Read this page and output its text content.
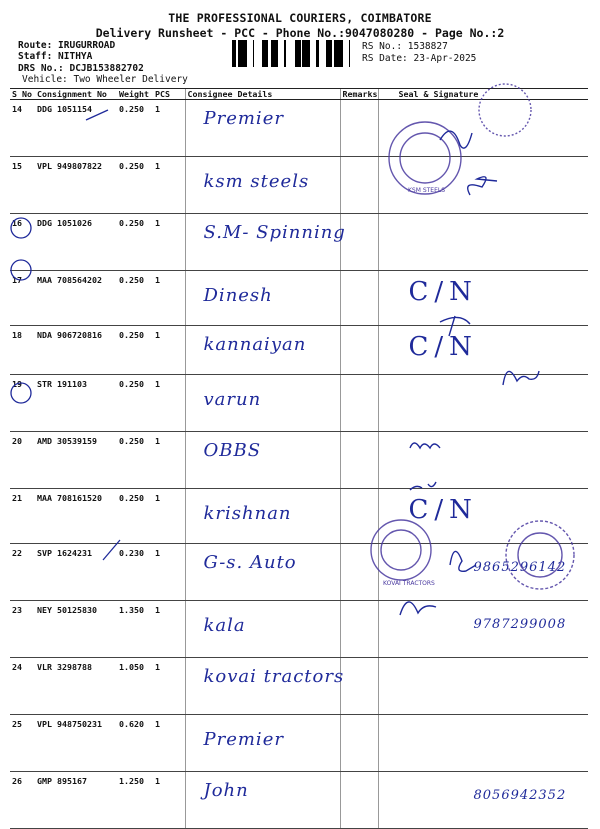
THE PROFESSIONAL COURIERS, COIMBATORE
Delivery Runsheet - PCC - Phone No.:9047080280 - Page No.:2
Route: IRUGURROAD
Staff: NITHYA
DRS No.: DCJB153882702
Vehicle: Two Wheeler Delivery
RS No.: 1538827
RS Date: 23-Apr-2025
S No	Consignment No	Weight	PCS	Consignee Details	Remarks	Seal & Signature
14	DDG 1051154	0.250	1	Premier		
15	VPL 949807822	0.250	1	ksm steels		
16	DDG 1051026	0.250	1	S.M- Spinning		
17	MAA 708564202	0.250	1	Dinesh		C/N
18	NDA 906720816	0.250	1	kannaiyan		C/N
19	STR 191103	0.250	1	varun		
20	AMD 30539159	0.250	1	OBBS		
21	MAA 708161520	0.250	1	krishnan		C/N
22	SVP 1624231	0.230	1	G-s. Auto		9865296142
23	NEY 50125830	1.350	1	kala		9787299008
24	VLR 3298788	1.050	1	kovai tractors		
25	VPL 948750231	0.620	1	Premier		
26	GMP 895167	1.250	1	John		8056942352
KSM STEELS
KOVAI TRACTORS
